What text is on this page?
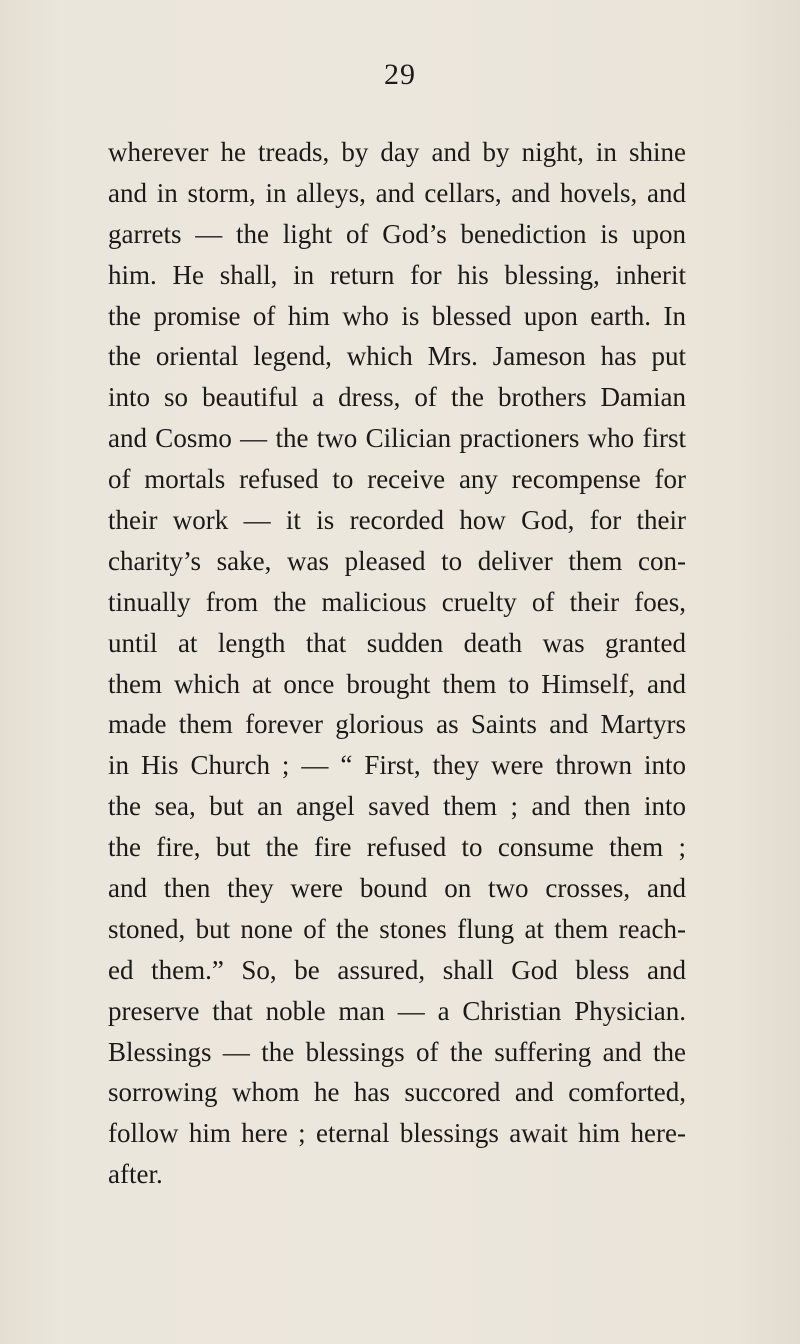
29
wherever he treads, by day and by night, in shine
and in storm, in alleys, and cellars, and hovels, and
garrets — the light of God’s benediction is upon
him. He shall, in return for his blessing, inherit
the promise of him who is blessed upon earth. In
the oriental legend, which Mrs. Jameson has put
into so beautiful a dress, of the brothers Damian
and Cosmo — the two Cilician practioners who first
of mortals refused to receive any recompense for
their work — it is recorded how God, for their
charity’s sake, was pleased to deliver them con-
tinually from the malicious cruelty of their foes,
until at length that sudden death was granted
them which at once brought them to Himself, and
made them forever glorious as Saints and Martyrs
in His Church ; — “ First, they were thrown into
the sea, but an angel saved them ; and then into
the fire, but the fire refused to consume them ;
and then they were bound on two crosses, and
stoned, but none of the stones flung at them reach-
ed them.” So, be assured, shall God bless and
preserve that noble man — a Christian Physician.
Blessings — the blessings of the suffering and the
sorrowing whom he has succored and comforted,
follow him here ; eternal blessings await him here-
after.
